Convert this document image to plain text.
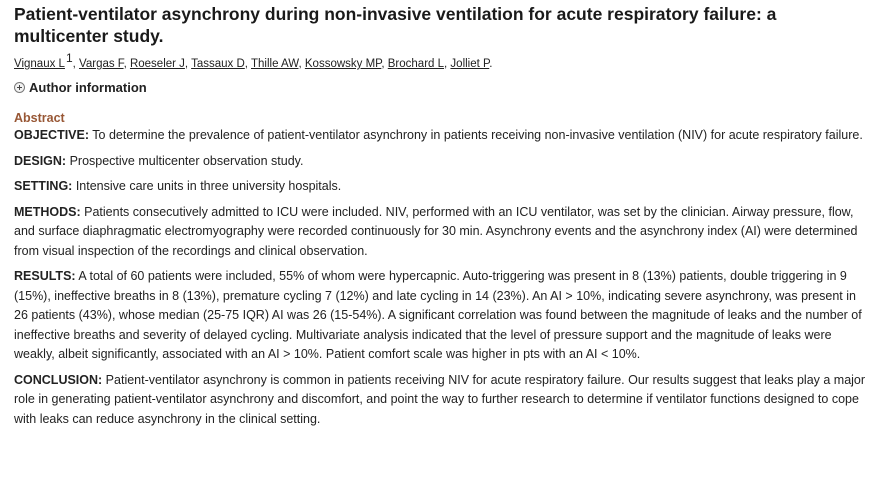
Patient-ventilator asynchrony during non-invasive ventilation for acute respiratory failure: a multicenter study.
Vignaux $L^1$, Vargas F, Roeseler J, Tassaux D, Thille AW, Kossowsky MP, Brochard L, Jolliet P.
Author information
Abstract

OBJECTIVE: To determine the prevalence of patient-ventilator asynchrony in patients receiving non-invasive ventilation (NIV) for acute respiratory failure.

DESIGN: Prospective multicenter observation study.

SETTING: Intensive care units in three university hospitals.

METHODS: Patients consecutively admitted to ICU were included. NIV, performed with an ICU ventilator, was set by the clinician. Airway pressure, flow, and surface diaphragmatic electromyography were recorded continuously for 30 min. Asynchrony events and the asynchrony index (AI) were determined from visual inspection of the recordings and clinical observation.

RESULTS: A total of 60 patients were included, 55% of whom were hypercapnic. Auto-triggering was present in 8 (13%) patients, double triggering in 9 (15%), ineffective breaths in 8 (13%), premature cycling 7 (12%) and late cycling in 14 (23%). An AI > 10%, indicating severe asynchrony, was present in 26 patients (43%), whose median (25-75 IQR) AI was 26 (15-54%). A significant correlation was found between the magnitude of leaks and the number of ineffective breaths and severity of delayed cycling. Multivariate analysis indicated that the level of pressure support and the magnitude of leaks were weakly, albeit significantly, associated with an AI > 10%. Patient comfort scale was higher in pts with an AI < 10%.

CONCLUSION: Patient-ventilator asynchrony is common in patients receiving NIV for acute respiratory failure. Our results suggest that leaks play a major role in generating patient-ventilator asynchrony and discomfort, and point the way to further research to determine if ventilator functions designed to cope with leaks can reduce asynchrony in the clinical setting.
